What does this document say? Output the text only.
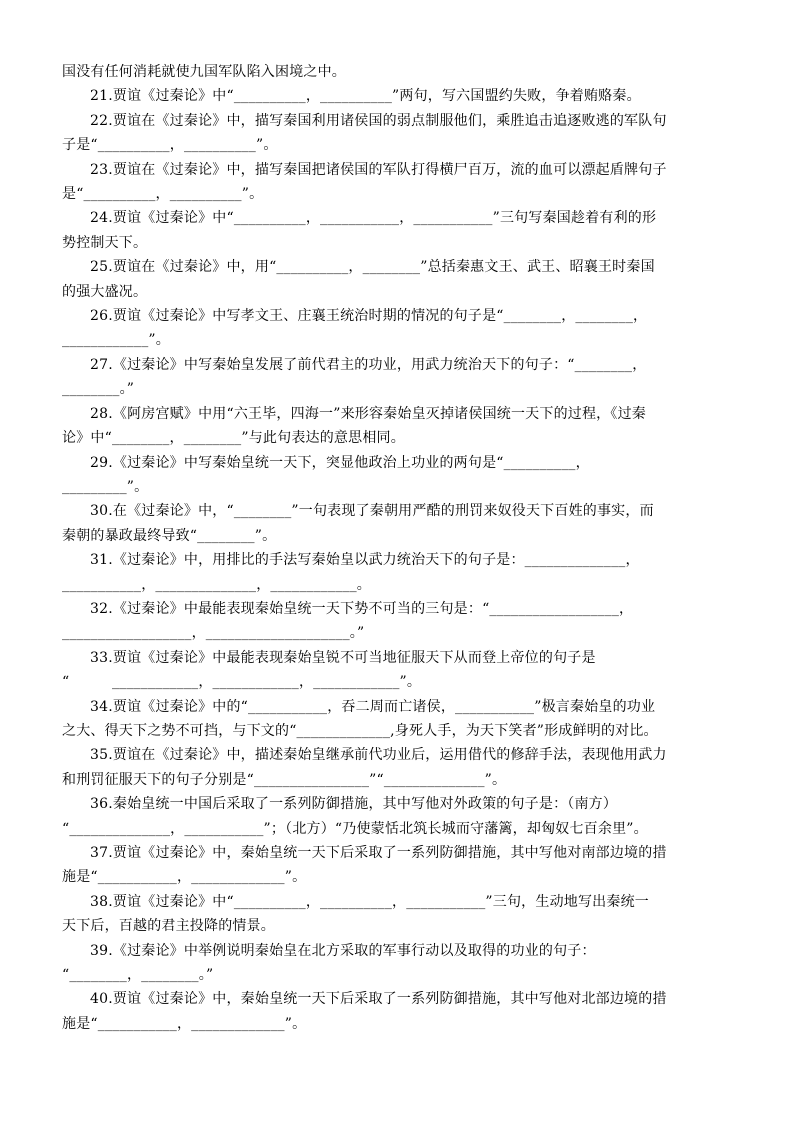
国没有任何消耗就使九国军队陷入困境之中。
21.贾谊《过秦论》中“__________，__________”两句，写六国盟约失败，争着贿赂秦。
22.贾谊在《过秦论》中，描写秦国利用诸侯国的弱点制服他们，乘胜追击追逐败逃的军队句
子是“__________，__________”。
23.贾谊在《过秦论》中，描写秦国把诸侯国的军队打得横尸百万，流的血可以漂起盾牌句子
是“__________，__________”。
24.贾谊《过秦论》中“__________，___________，___________”三句写秦国趁着有利的形
势控制天下。
25.贾谊在《过秦论》中，用“__________，________”总括秦惠文王、武王、昭襄王时秦国
的强大盛况。
26.贾谊《过秦论》中写孝文王、庄襄王统治时期的情况的句子是“________，________，
____________”。
27.《过秦论》中写秦始皇发展了前代君主的功业，用武力统治天下的句子：“________，
________。”
28.《阿房宫赋》中用“六王毕，四海一”来形容秦始皇灭掉诸侯国统一天下的过程，《过秦
论》中“________，________”与此句表达的意思相同。
29.《过秦论》中写秦始皇统一天下，突显他政治上功业的两句是“__________，
_________”。
30.在《过秦论》中，“________”一句表现了秦朝用严酷的刑罚来奴役天下百姓的事实，而
秦朝的暴政最终导致“________”。
31.《过秦论》中，用排比的手法写秦始皇以武力统治天下的句子是：______________，
___________，______________，____________。
32.《过秦论》中最能表现秦始皇统一天下势不可当的三句是：“__________________，
__________________，____________________。”
33.贾谊《过秦论》中最能表现秦始皇锐不可当地征服天下从而登上帝位的句子是
“　　　____________，____________，____________”。
34.贾谊《过秦论》中的“___________，吞二周而亡诸侯，___________”极言秦始皇的功业
之大、得天下之势不可挡，与下文的“_____________,身死人手，为天下笑者”形成鲜明的对比。
35.贾谊在《过秦论》中，描述秦始皇继承前代功业后，运用借代的修辞手法，表现他用武力
和刑罚征服天下的句子分别是“________________”“______________”。
36.秦始皇统一中国后采取了一系列防御措施，其中写他对外政策的句子是：（南方）
“______________，___________”；（北方）“乃使蒙恬北筑长城而守藩篱，却匈奴七百余里”。
37.贾谊《过秦论》中，秦始皇统一天下后采取了一系列防御措施，其中写他对南部边境的措
施是“___________，_____________”。
38.贾谊《过秦论》中“__________，__________，___________”三句，生动地写出秦统一
天下后，百越的君主投降的情景。
39.《过秦论》中举例说明秦始皇在北方采取的军事行动以及取得的功业的句子：
“________，________。”
40.贾谊《过秦论》中，秦始皇统一天下后采取了一系列防御措施，其中写他对北部边境的措
施是“___________，_____________”。
